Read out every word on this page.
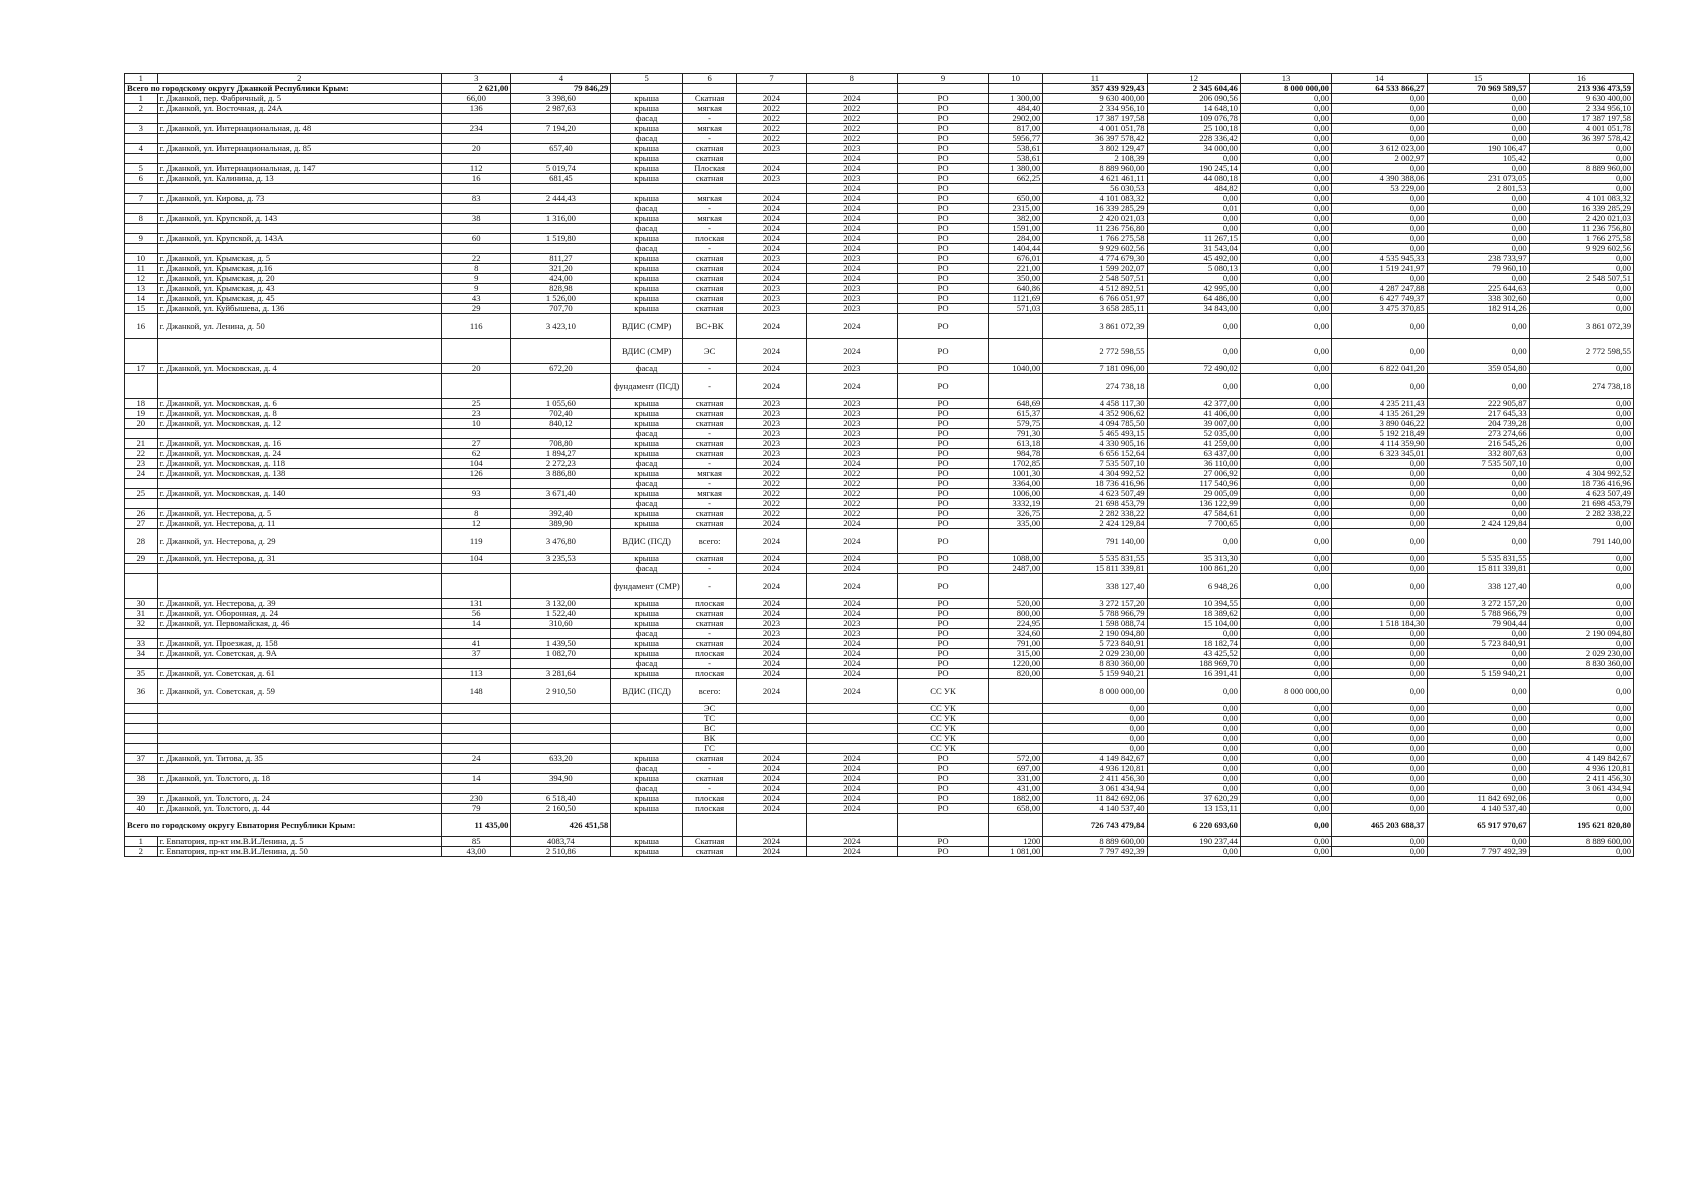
1	2	3	4	5	6	7	8	9	10	11	12	13	14	15	16
Всего по городскому округу Джанкой Республики Крым:		2 621,00	79 846,29							357 439 929,43	2 345 604,46	8 000 000,00	64 533 866,27	70 969 589,57	213 936 473,59
1	г. Джанкой, пер. Фабричный, д. 5	66,00	3 398,60	крыша	Скатная	2024	2024	РО	1 300,00	9 630 400,00	206 090,56	0,00	0,00	0,00	9 630 400,00
2	г. Джанкой, ул. Восточная, д. 24А	136	2 987,63	крыша	мягкая	2022	2022	РО	484,40	2 334 956,10	14 648,10	0,00	0,00	0,00	2 334 956,10
				фасад	-	2022	2022	РО	2902,00	17 387 197,58	109 076,78	0,00	0,00	0,00	17 387 197,58
3	г. Джанкой, ул. Интернациональная, д. 48	234	7 194,20	крыша	мягкая	2022	2022	РО	817,00	4 001 051,78	25 100,18	0,00	0,00	0,00	4 001 051,78
				фасад	-	2022	2022	РО	5956,77	36 397 578,42	228 336,42	0,00	0,00	0,00	36 397 578,42
4	г. Джанкой, ул. Интернациональная, д. 85	20	657,40	крыша	скатная	2023	2023	РО	538,61	3 802 129,47	34 000,00	0,00	3 612 023,00	190 106,47	0,00
				крыша	скатная		2024	РО	538,61	2 108,39	0,00	0,00	2 002,97	105,42	0,00
5	г. Джанкой, ул. Интернациональная, д. 147	112	5 019,74	крыша	Плоская	2024	2024	РО	1 380,00	8 889 960,00	190 245,14	0,00	0,00	0,00	8 889 960,00
6	г. Джанкой, ул. Калинина, д. 13	16	681,45	крыша	скатная	2023	2023	РО	662,25	4 621 461,11	44 080,18	0,00	4 390 388,06	231 073,05	0,00
							2024	РО		56 030,53	484,82	0,00	53 229,00	2 801,53	0,00
7	г. Джанкой, ул. Кирова, д. 73	83	2 444,43	крыша	мягкая	2024	2024	РО	650,00	4 101 083,32	0,00	0,00	0,00	0,00	4 101 083,32
				фасад	-	2024	2024	РО	2315,00	16 339 285,29	0,01	0,00	0,00	0,00	16 339 285,29
8	г. Джанкой, ул. Крупской, д. 143	38	1 316,00	крыша	мягкая	2024	2024	РО	382,00	2 420 021,03	0,00	0,00	0,00	0,00	2 420 021,03
				фасад	-	2024	2024	РО	1591,00	11 236 756,80	0,00	0,00	0,00	0,00	11 236 756,80
9	г. Джанкой, ул. Крупской, д. 143А	60	1 519,80	крыша	плоская	2024	2024	РО	284,00	1 766 275,58	11 267,15	0,00	0,00	0,00	1 766 275,58
				фасад	-	2024	2024	РО	1404,44	9 929 602,56	31 543,04	0,00	0,00	0,00	9 929 602,56
10	г. Джанкой, ул. Крымская, д. 5	22	811,27	крыша	скатная	2023	2023	РО	676,01	4 774 679,30	45 492,00	0,00	4 535 945,33	238 733,97	0,00
11	г. Джанкой, ул. Крымская, д.16	8	321,20	крыша	скатная	2024	2024	РО	221,00	1 599 202,07	5 080,13	0,00	1 519 241,97	79 960,10	0,00
12	г. Джанкой, ул. Крымская, д. 20	9	424,00	крыша	скатная	2024	2024	РО	350,00	2 548 507,51	0,00	0,00	0,00	0,00	2 548 507,51
13	г. Джанкой, ул. Крымская, д. 43	9	828,98	крыша	скатная	2023	2023	РО	640,86	4 512 892,51	42 995,00	0,00	4 287 247,88	225 644,63	0,00
14	г. Джанкой, ул. Крымская, д. 45	43	1 526,00	крыша	скатная	2023	2023	РО	1121,69	6 766 051,97	64 486,00	0,00	6 427 749,37	338 302,60	0,00
15	г. Джанкой, ул. Куйбышева, д. 136	29	707,70	крыша	скатная	2023	2023	РО	571,03	3 658 285,11	34 843,00	0,00	3 475 370,85	182 914,26	0,00
16	г. Джанкой, ул. Ленина, д. 50	116	3 423,10	ВДИС (СМР)	ВС+ВК	2024	2024	РО		3 861 072,39	0,00	0,00	0,00	0,00	3 861 072,39
				ВДИС (СМР)	ЭС	2024	2024	РО		2 772 598,55	0,00	0,00	0,00	0,00	2 772 598,55
17	г. Джанкой, ул. Московская, д. 4	20	672,20	фасад	-	2024	2023	РО	1040,00	7 181 096,00	72 490,02	0,00	6 822 041,20	359 054,80	0,00
				фундамент (ПСД)	-	2024	2024	РО		274 738,18	0,00	0,00	0,00	0,00	274 738,18
18	г. Джанкой, ул. Московская, д. 6	25	1 055,60	крыша	скатная	2023	2023	РО	648,69	4 458 117,30	42 377,00	0,00	4 235 211,43	222 905,87	0,00
19	г. Джанкой, ул. Московская, д. 8	23	702,40	крыша	скатная	2023	2023	РО	615,37	4 352 906,62	41 406,00	0,00	4 135 261,29	217 645,33	0,00
20	г. Джанкой, ул. Московская, д. 12	10	840,12	крыша	скатная	2023	2023	РО	579,75	4 094 785,50	39 007,00	0,00	3 890 046,22	204 739,28	0,00
				фасад	-	2023	2023	РО	791,30	5 465 493,15	52 035,00	0,00	5 192 218,49	273 274,66	0,00
21	г. Джанкой, ул. Московская, д. 16	27	708,80	крыша	скатная	2023	2023	РО	613,18	4 330 905,16	41 259,00	0,00	4 114 359,90	216 545,26	0,00
22	г. Джанкой, ул. Московская, д. 24	62	1 894,27	крыша	скатная	2023	2023	РО	984,78	6 656 152,64	63 437,00	0,00	6 323 345,01	332 807,63	0,00
23	г. Джанкой, ул. Московская, д. 118	104	2 272,23	фасад	-	2024	2024	РО	1702,85	7 535 507,10	36 110,00	0,00	0,00	7 535 507,10	0,00
24	г. Джанкой, ул. Московская, д. 138	126	3 886,80	крыша	мягкая	2022	2022	РО	1001,30	4 304 992,52	27 006,92	0,00	0,00	0,00	4 304 992,52
				фасад	-	2022	2022	РО	3364,00	18 736 416,96	117 540,96	0,00	0,00	0,00	18 736 416,96
25	г. Джанкой, ул. Московская, д. 140	93	3 671,40	крыша	мягкая	2022	2022	РО	1006,00	4 623 507,49	29 005,09	0,00	0,00	0,00	4 623 507,49
				фасад	-	2022	2022	РО	3332,19	21 698 453,79	136 122,99	0,00	0,00	0,00	21 698 453,79
26	г. Джанкой, ул. Нестерова, д. 5	8	392,40	крыша	скатная	2022	2022	РО	326,75	2 282 338,22	47 584,61	0,00	0,00	0,00	2 282 338,22
27	г. Джанкой, ул. Нестерова, д. 11	12	389,90	крыша	скатная	2024	2024	РО	335,00	2 424 129,84	7 700,65	0,00	0,00	2 424 129,84	0,00
28	г. Джанкой, ул. Нестерова, д. 29	119	3 476,80	ВДИС (ПСД)	всего:	2024	2024	РО		791 140,00	0,00	0,00	0,00	0,00	791 140,00
29	г. Джанкой, ул. Нестерова, д. 31	104	3 235,53	крыша	скатная	2024	2024	РО	1088,00	5 535 831,55	35 313,30	0,00	0,00	5 535 831,55	0,00
				фасад	-	2024	2024	РО	2487,00	15 811 339,81	100 861,20	0,00	0,00	15 811 339,81	0,00
				фундамент (СМР)	-	2024	2024	РО		338 127,40	6 948,26	0,00	0,00	338 127,40	0,00
30	г. Джанкой, ул. Нестерова, д. 39	131	3 132,00	крыша	плоская	2024	2024	РО	520,00	3 272 157,20	10 394,55	0,00	0,00	3 272 157,20	0,00
31	г. Джанкой, ул. Оборонная, д. 24	56	1 522,40	крыша	скатная	2024	2024	РО	800,00	5 788 966,79	18 389,62	0,00	0,00	5 788 966,79	0,00
32	г. Джанкой, ул. Первомайская, д. 46	14	310,60	крыша	скатная	2023	2023	РО	224,95	1 598 088,74	15 104,00	0,00	1 518 184,30	79 904,44	0,00
				фасад	-	2023	2023	РО	324,60	2 190 094,80	0,00	0,00	0,00	0,00	2 190 094,80
33	г. Джанкой, ул. Проезжая, д. 158	41	1 439,50	крыша	скатная	2024	2024	РО	791,00	5 723 840,91	18 182,74	0,00	0,00	5 723 840,91	0,00
34	г. Джанкой, ул. Советская, д. 9А	37	1 082,70	крыша	плоская	2024	2024	РО	315,00	2 029 230,00	43 425,52	0,00	0,00	0,00	2 029 230,00
				фасад	-	2024	2024	РО	1220,00	8 830 360,00	188 969,70	0,00	0,00	0,00	8 830 360,00
35	г. Джанкой, ул. Советская, д. 61	113	3 281,64	крыша	плоская	2024	2024	РО	820,00	5 159 940,21	16 391,41	0,00	0,00	5 159 940,21	0,00
36	г. Джанкой, ул. Советская, д. 59	148	2 910,50	ВДИС (ПСД)	всего:	2024	2024	СС УК		8 000 000,00	0,00	8 000 000,00	0,00	0,00	0,00
					ЭС			СС УК		0,00	0,00	0,00	0,00	0,00	0,00
					ТС			СС УК		0,00	0,00	0,00	0,00	0,00	0,00
					ВС			СС УК		0,00	0,00	0,00	0,00	0,00	0,00
					ВК			СС УК		0,00	0,00	0,00	0,00	0,00	0,00
					ГС			СС УК		0,00	0,00	0,00	0,00	0,00	0,00
37	г. Джанкой, ул. Титова, д. 35	24	633,20	крыша	скатная	2024	2024	РО	572,00	4 149 842,67	0,00	0,00	0,00	0,00	4 149 842,67
				фасад	-	2024	2024	РО	697,00	4 936 120,81	0,00	0,00	0,00	0,00	4 936 120,81
38	г. Джанкой, ул. Толстого, д. 18	14	394,90	крыша	скатная	2024	2024	РО	331,00	2 411 456,30	0,00	0,00	0,00	0,00	2 411 456,30
				фасад	-	2024	2024	РО	431,00	3 061 434,94	0,00	0,00	0,00	0,00	3 061 434,94
39	г. Джанкой, ул. Толстого, д. 24	230	6 518,40	крыша	плоская	2024	2024	РО	1882,00	11 842 692,06	37 620,29	0,00	0,00	11 842 692,06	0,00
40	г. Джанкой, ул. Толстого, д. 44	79	2 160,50	крыша	плоская	2024	2024	РО	658,00	4 140 537,40	13 153,11	0,00	0,00	4 140 537,40	0,00
Всего по городскому округу Евпатория Республики Крым:		11 435,00	426 451,58							726 743 479,84	6 220 693,60	0,00	465 203 688,37	65 917 970,67	195 621 820,80
1	г. Евпатория, пр-кт им.В.И.Ленина, д. 5	85	4083,74	крыша	Скатная	2024	2024	РО	1200	8 889 600,00	190 237,44	0,00	0,00	0,00	8 889 600,00
2	г. Евпатория, пр-кт им.В.И.Ленина, д. 50	43,00	2 510,86	крыша	скатная	2024	2024	РО	1 081,00	7 797 492,39	0,00	0,00	0,00	7 797 492,39	0,00
